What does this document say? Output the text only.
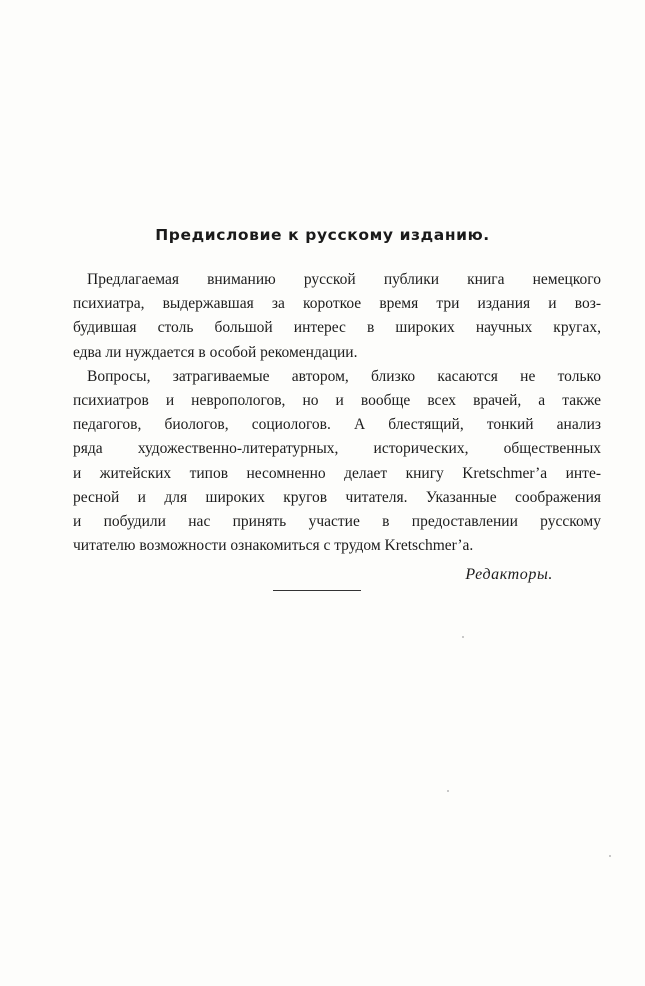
Предисловие к русскому изданию.

Предлагаемая вниманию русской публики книга немецкого
психиатра, выдержавшая за короткое время три издания и воз-
будившая столь большой интерес в широких научных кругах,
едва ли нуждается в особой рекомендации.

Вопросы, затрагиваемые автором, близко касаются не только
психиатров и невропологов, но и вообще всех врачей, а также
педагогов, биологов, социологов. А блестящий, тонкий анализ
ряда художественно-литературных, исторических, общественных
и житейских типов несомненно делает книгу Kretschmer’а инте-
ресной и для широких кругов читателя. Указанные соображения
и побудили нас принять участие в предоставлении русскому
читателю возможности ознакомиться с трудом Kretschmer’а.

Редакторы.
